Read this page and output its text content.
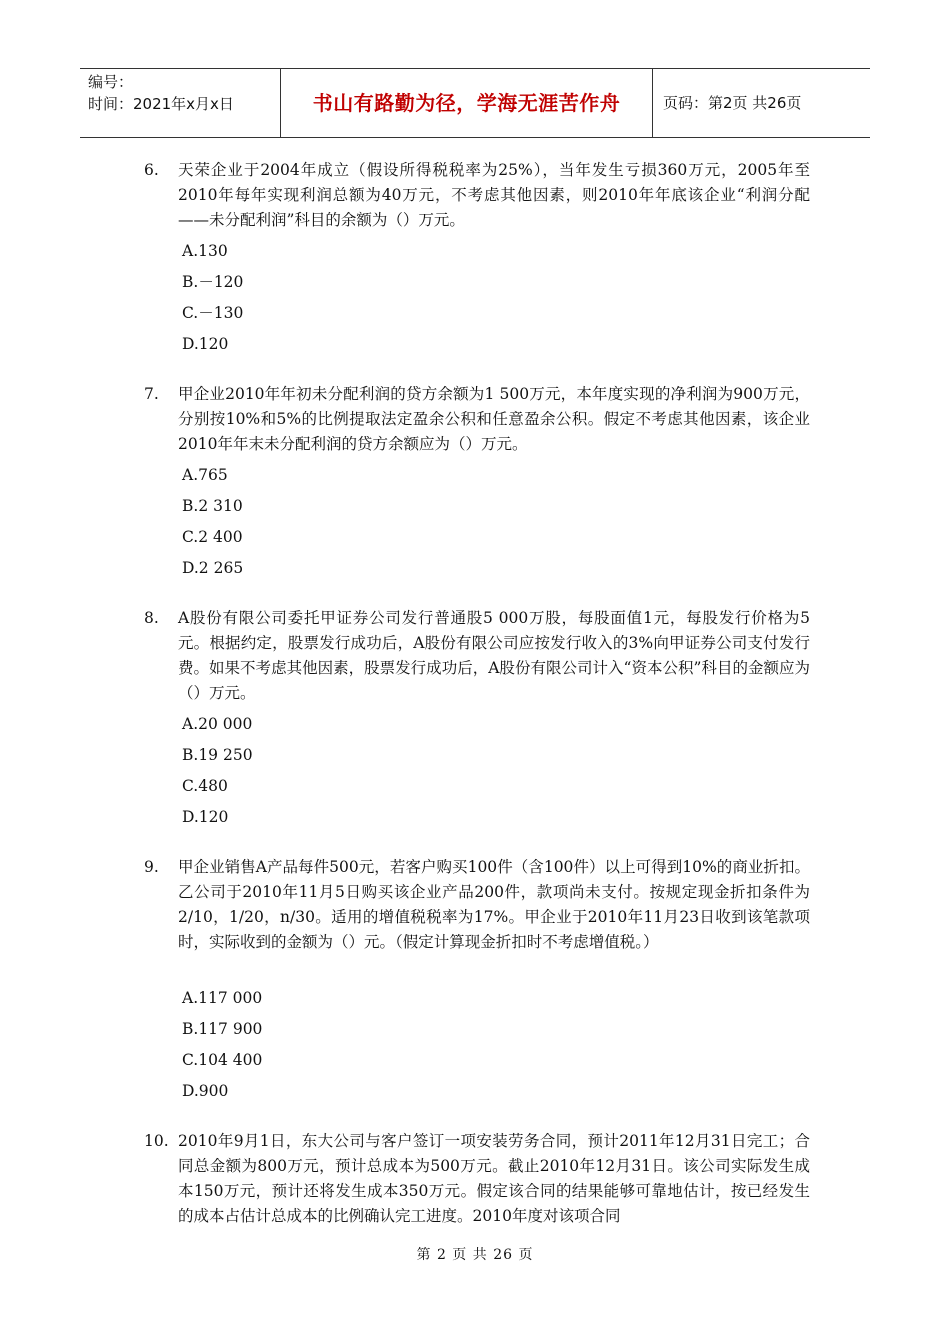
编号：
时间：2021年x月x日	书山有路勤为径，学海无涯苦作舟	页码：第2页 共26页
6. 天荣企业于2004年成立（假设所得税税率为25%），当年发生亏损360万元，2005年至2010年每年实现利润总额为40万元，不考虑其他因素，则2010年年底该企业“利润分配——未分配利润”科目的余额为（）万元。
A.130
B.－120
C.－130
D.120
7. 甲企业2010年年初未分配利润的贷方余额为1 500万元，本年度实现的净利润为900万元，分别按10%和5%的比例提取法定盈余公积和任意盈余公积。假定不考虑其他因素，该企业 2010年年末未分配利润的贷方余额应为（）万元。
A.765
B.2 310
C.2 400
D.2 265
8. A股份有限公司委托甲证券公司发行普通股5 000万股，每股面值1元，每股发行价格为5元。根据约定，股票发行成功后，A股份有限公司应按发行收入的3%向甲证券公司支付发行费。如果不考虑其他因素，股票发行成功后，A股份有限公司计入“资本公积”科目的金额应为（）万元。
A.20 000
B.19 250
C.480
D.120
9. 甲企业销售A产品每件500元，若客户购买100件（含100件）以上可得到10%的商业折扣。乙公司于2010年11月5日购买该企业产品200件，款项尚未支付。按规定现金折扣条件为2/10，1/20，n/30。适用的增值税税率为17%。甲企业于2010年11月23日收到该笔款项时，实际收到的金额为（）元。（假定计算现金折扣时不考虑增值税。）
A.117 000
B.117 900
C.104 400
D.900
10. 2010年9月1日，东大公司与客户签订一项安装劳务合同，预计2011年12月31日完工；合同总金额为800万元，预计总成本为500万元。截止2010年12月31日。该公司实际发生成本150万元，预计还将发生成本350万元。假定该合同的结果能够可靠地估计，按已经发生的成本占估计总成本的比例确认完工进度。2010年度对该项合同
第 2 页 共 26 页
